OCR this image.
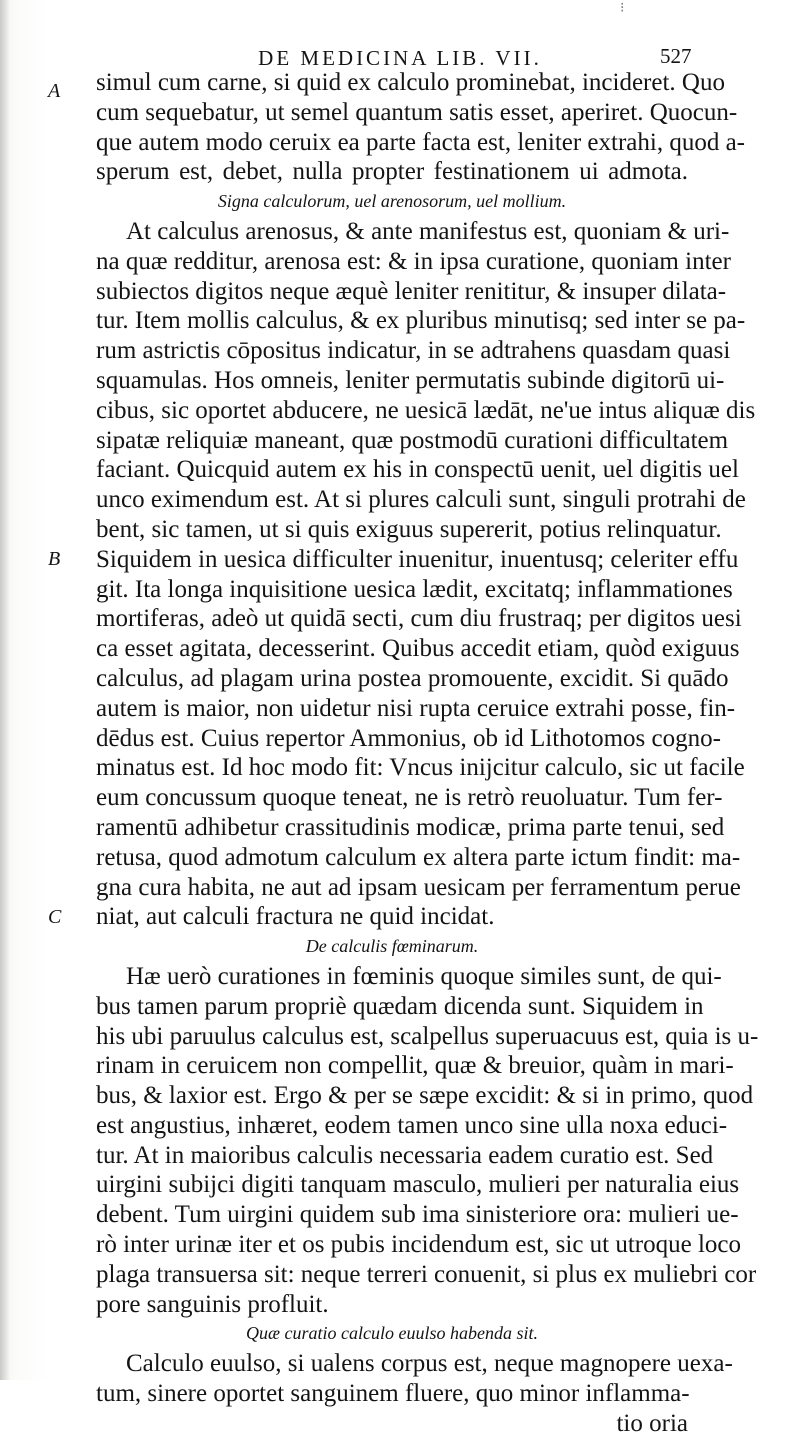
⁝
DE MEDICINA LIB. VII.	527
A
B
C
simul cum carne, si quid ex calculo prominebat, incideret. Quo
cum sequebatur, ut semel quantum satis esset, aperiret. Quocun-
que autem modo ceruix ea parte facta est, leniter extrahi, quod a-
sperum est, debet, nulla propter festinationem ui admota.
Signa calculorum, uel arenosorum, uel mollium.
At calculus arenosus, & ante manifestus est, quoniam & uri-
na quæ redditur, arenosa est: & in ipsa curatione, quoniam inter
subiectos digitos neque æquè leniter renititur, & insuper dilata-
tur. Item mollis calculus, & ex pluribus minutisq; sed inter se pa-
rum astrictis cōpositus indicatur, in se adtrahens quasdam quasi
squamulas. Hos omneis, leniter permutatis subinde digitorū ui-
cibus, sic oportet abducere, ne uesicā lædāt, ne'ue intus aliquæ dis
sipatæ reliquiæ maneant, quæ postmodū curationi difficultatem
faciant. Quicquid autem ex his in conspectū uenit, uel digitis uel
unco eximendum est. At si plures calculi sunt, singuli protrahi de
bent, sic tamen, ut si quis exiguus supererit, potius relinquatur.
Siquidem in uesica difficulter inuenitur, inuentusq; celeriter effu
git. Ita longa inquisitione uesica lædit, excitatq; inflammationes
mortiferas, adeò ut quidā secti, cum diu frustraq; per digitos uesi
ca esset agitata, decesserint. Quibus accedit etiam, quòd exiguus
calculus, ad plagam urina postea promouente, excidit. Si quādo
autem is maior, non uidetur nisi rupta ceruice extrahi posse, fin-
dēdus est. Cuius repertor Ammonius, ob id Lithotomos cogno-
minatus est. Id hoc modo fit: Vncus inijcitur calculo, sic ut facile
eum concussum quoque teneat, ne is retrò reuoluatur. Tum fer-
ramentū adhibetur crassitudinis modicæ, prima parte tenui, sed
retusa, quod admotum calculum ex altera parte ictum findit: ma-
gna cura habita, ne aut ad ipsam uesicam per ferramentum perue
niat, aut calculi fractura ne quid incidat.
De calculis fœminarum.
Hæ uerò curationes in fœminis quoque similes sunt, de qui-
bus tamen parum propriè quædam dicenda sunt. Siquidem in
his ubi paruulus calculus est, scalpellus superuacuus est, quia is u-
rinam in ceruicem non compellit, quæ & breuior, quàm in mari-
bus, & laxior est. Ergo & per se sæpe excidit: & si in primo, quod
est angustius, inhæret, eodem tamen unco sine ulla noxa educi-
tur. At in maioribus calculis necessaria eadem curatio est. Sed
uirgini subijci digiti tanquam masculo, mulieri per naturalia eius
debent. Tum uirgini quidem sub ima sinisteriore ora: mulieri ue-
rò inter urinæ iter et os pubis incidendum est, sic ut utroque loco
plaga transuersa sit: neque terreri conuenit, si plus ex muliebri cor
pore sanguinis profluit.
Quæ curatio calculo euulso habenda sit.
Calculo euulso, si ualens corpus est, neque magnopere uexa-
tum, sinere oportet sanguinem fluere, quo minor inflamma-
tio oria
